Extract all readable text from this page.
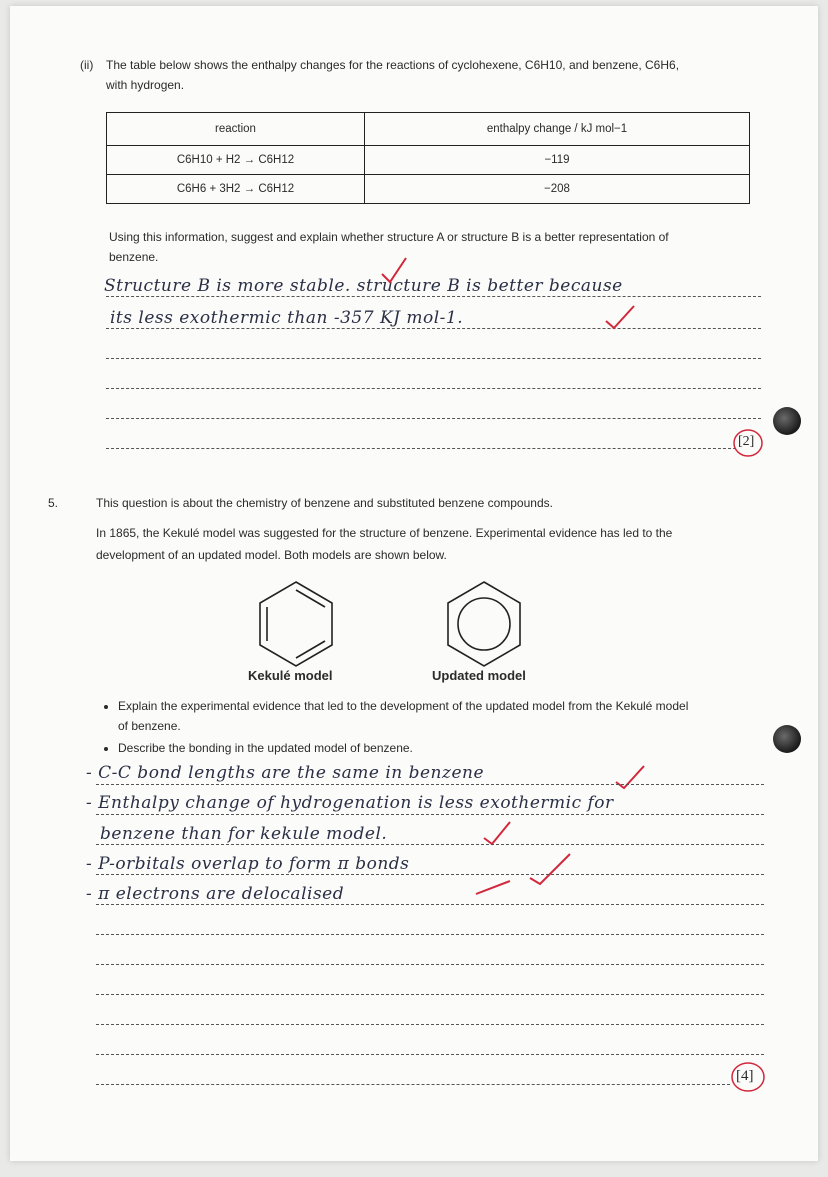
(ii) The table below shows the enthalpy changes for the reactions of cyclohexene, C6H10, and benzene, C6H6,
with hydrogen.
reaction	enthalpy change / kJ mol−1
C6H10 + H2 → C6H12	−119
C6H6 + 3H2 → C6H12	−208
Using this information, suggest and explain whether structure A or structure B is a better representation of
benzene.
Structure B is more stable. structure B is better because
its less exothermic than -357 KJ mol-1.
[2]
5.	This question is about the chemistry of benzene and substituted benzene compounds.
In 1865, the Kekulé model was suggested for the structure of benzene. Experimental evidence has led to the
development of an updated model. Both models are shown below.
Kekulé model	Updated model
• Explain the experimental evidence that led to the development of the updated model from the Kekulé model
of benzene.
• Describe the bonding in the updated model of benzene.
- C-C bond lengths are the same in benzene
- Enthalpy change of hydrogenation is less exothermic for
benzene than for kekule model.
- P-orbitals overlap to form π bonds
- π electrons are delocalised
[4]
